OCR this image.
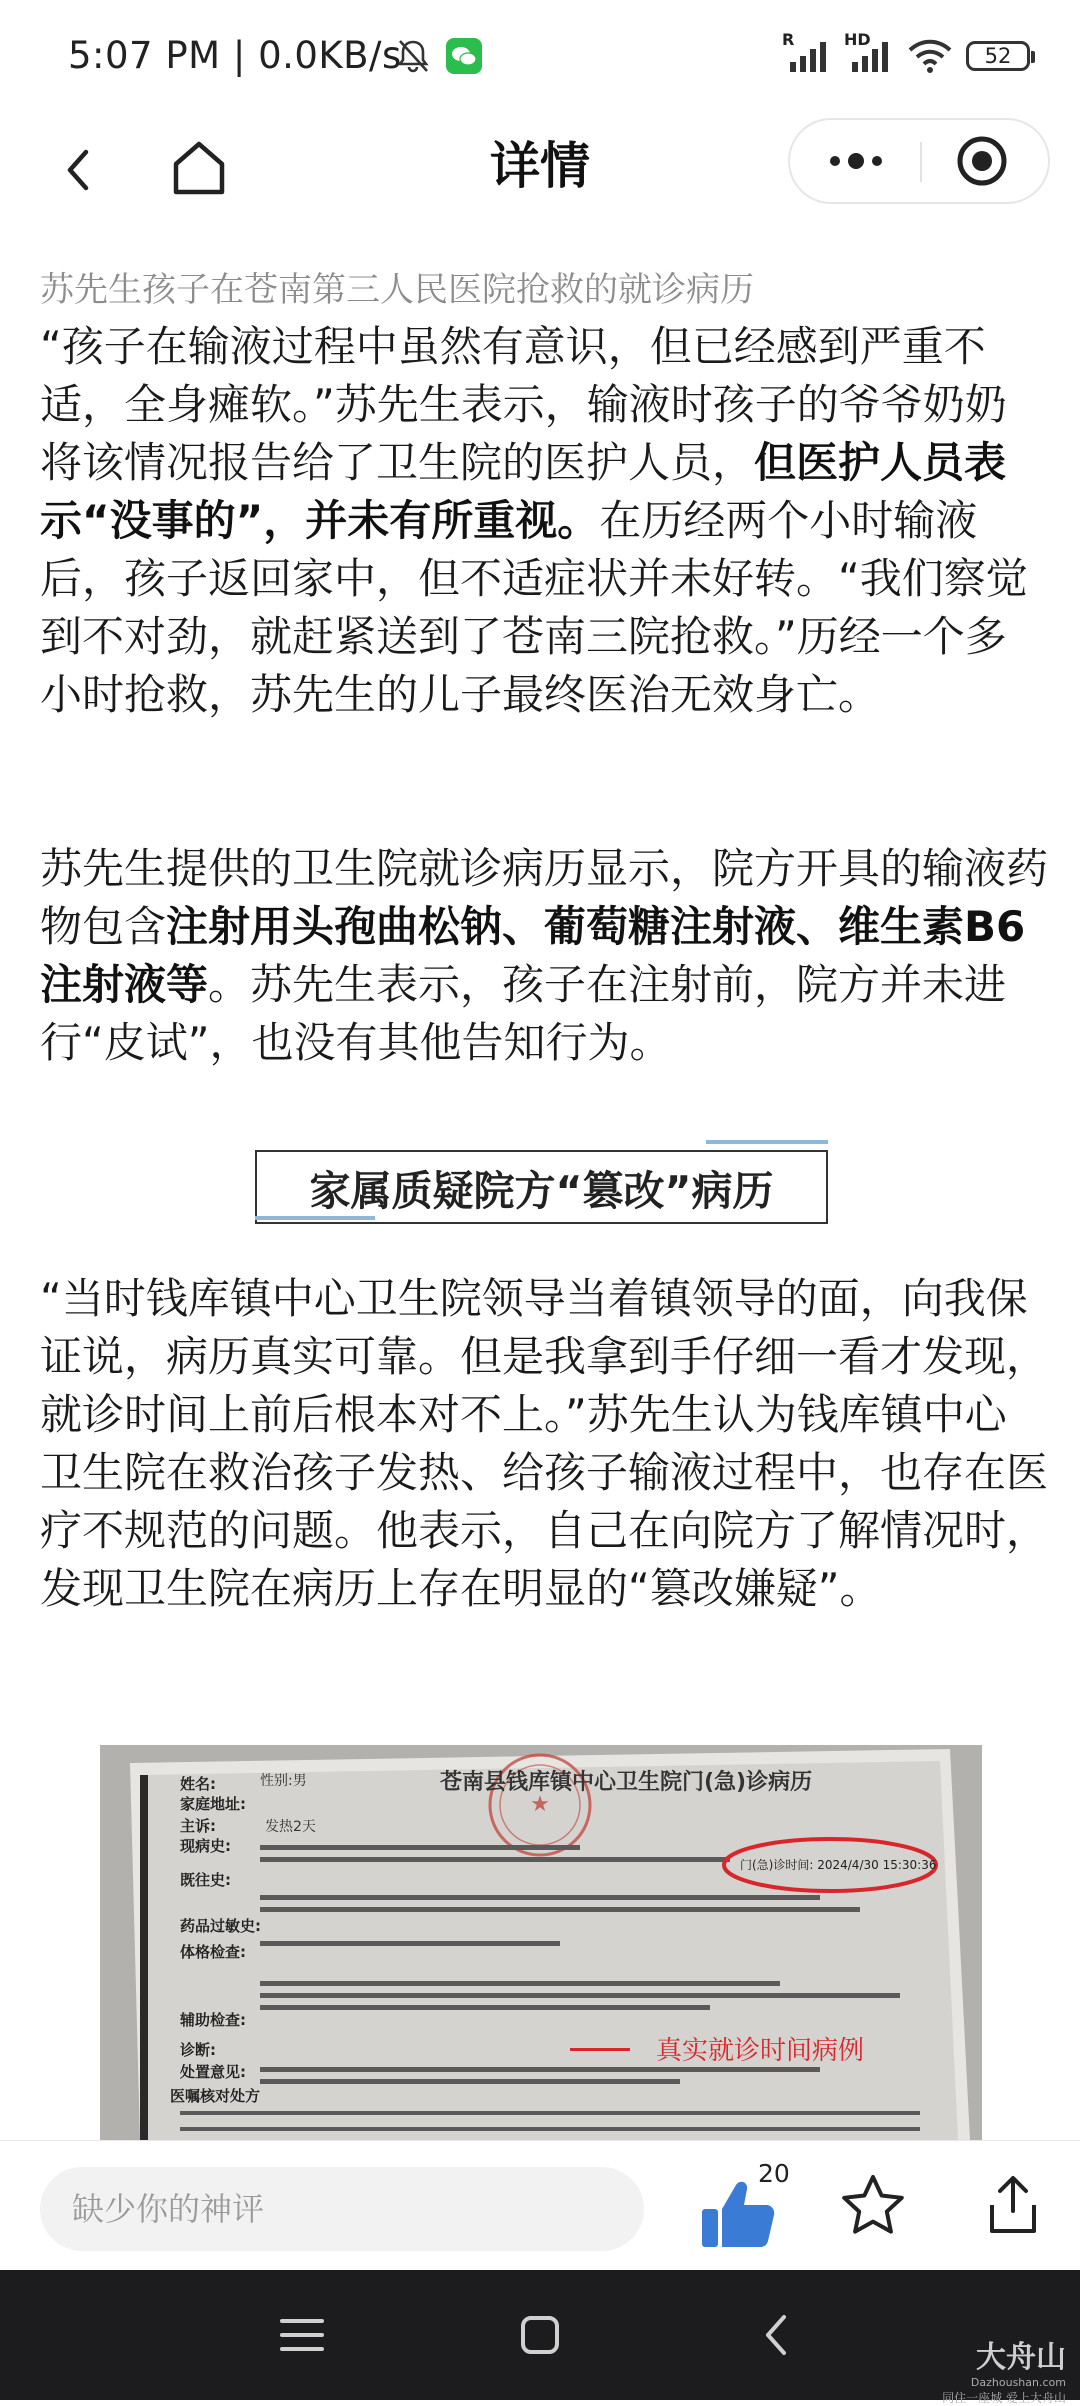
5:07 PM | 0.0KB/s	R	HD
52
详情
苏先生孩子在苍南第三人民医院抢救的就诊病历

“孩子在输液过程中虽然有意识，但已经感到严重不适，全身瘫软。”苏先生表示，输液时孩子的爷爷奶奶将该情况报告给了卫生院的医护人员，但医护人员表示“没事的”，并未有所重视。在历经两个小时输液后，孩子返回家中，但不适症状并未好转。“我们察觉到不对劲，就赶紧送到了苍南三院抢救。”历经一个多小时抢救，苏先生的儿子最终医治无效身亡。

苏先生提供的卫生院就诊病历显示，院方开具的输液药物包含注射用头孢曲松钠、葡萄糖注射液、维生素B6注射液等。苏先生表示，孩子在注射前，院方并未进行“皮试”，也没有其他告知行为。

家属质疑院方“篡改”病历

“当时钱库镇中心卫生院领导当着镇领导的面，向我保证说，病历真实可靠。但是我拿到手仔细一看才发现，就诊时间上前后根本对不上。”苏先生认为钱库镇中心卫生院在救治孩子发热、给孩子输液过程中，也存在医疗不规范的问题。他表示，自己在向院方了解情况时，发现卫生院在病历上存在明显的“篡改嫌疑”。

★
苍南县钱库镇中心卫生院门(急)诊病历
性别:男
发热2天
姓名:
家庭地址:
主诉:
现病史:
既往史:
药品过敏史:
体格检查:
辅助检查:
诊断:
处置意见:
医嘱核对处方
门(急)诊时间: 2024/4/30 15:30:36
真实就诊时间病例
缺少你的神评
20
大舟山
Dazhoushan.com
同住一座城 爱上大舟山
